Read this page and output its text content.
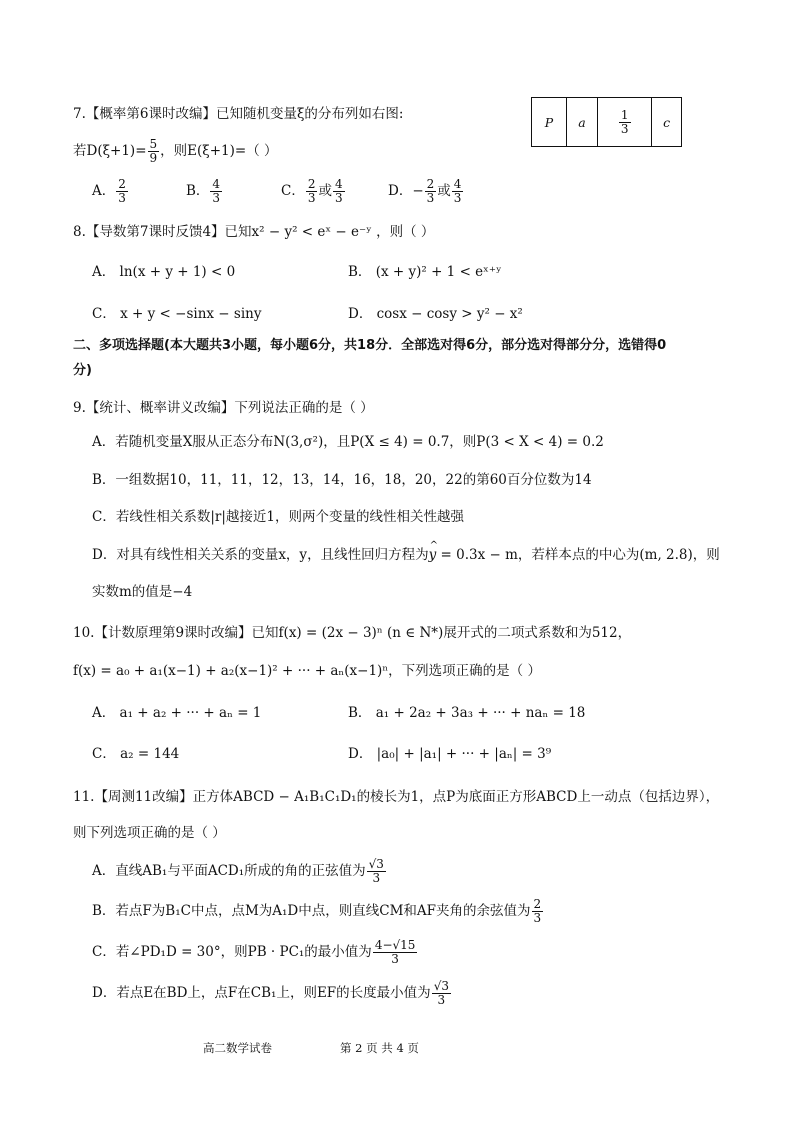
7.【概率第6课时改编】已知随机变量ξ的分布列如右图:	P	a	$\frac{1}{3}$	c
若$D(\xi+1)= \frac{5}{9}$ ，则E(ξ+1)=（ ）
A． $\frac{2}{3}$	B． $\frac{4}{3}$	C． $\frac{2}{3}$ 或 $\frac{4}{3}$	D．− $\frac{2}{3}$ 或 $\frac{4}{3}$
8.【导数第7课时反馈4】已知x² − y² < eˣ − e⁻ʸ ，则（ ）
A． ln(x + y + 1) < 0	B． (x + y)² + 1 < eˣ⁺ʸ
C． x + y < −sinx − siny	D． cosx − cosy > y² − x²
二、多项选择题(本大题共3小题，每小题6分，共18分．全部选对得6分，部分选对得部分分，选错得0
分)
9.【统计、概率讲义改编】下列说法正确的是（ ）
A．若随机变量X服从正态分布N(3,σ²)，且P(X ≤ 4) = 0.7，则P(3 < X < 4) = 0.2
B．一组数据10，11，11，12，13，14，16，18，20，22的第60百分位数为14
C．若线性相关系数|r|越接近1，则两个变量的线性相关性越强
D．对具有线性相关关系的变量x，y，且线性回归方程为^ y = 0.3x − m，若样本点的中心为(m, 2.8)，则
实数m的值是−4
10.【计数原理第9课时改编】已知f(x) = (2x − 3)ⁿ (n ∈ N*)展开式的二项式系数和为512，
f(x) = a₀ + a₁(x−1) + a₂(x−1)² + ··· + aₙ(x−1)ⁿ，下列选项正确的是（ ）
A． a₁ + a₂ + ··· + aₙ = 1	B． a₁ + 2a₂ + 3a₃ + ··· + naₙ = 18
C． a₂ = 144	D． |a₀| + |a₁| + ··· + |aₙ| = 3⁹
11.【周测11改编】正方体ABCD − A₁B₁C₁D₁的棱长为1，点P为底面正方形ABCD上一动点（包括边界），
则下列选项正确的是（ ）
A．直线AB₁与平面ACD₁所成的角的正弦值为 $\frac{√3}{3}$
B．若点F为B₁C中点，点M为A₁D中点，则直线CM和AF夹角的余弦值为 $\frac{2}{3}$
C．若∠PD₁D = 30°，则PB · PC₁的最小值为 $\frac{4-√15}{3}$
D．若点E在BD上，点F在CB₁上，则EF的长度最小值为 $\frac{√3}{3}$
高二数学试卷	第 2 页 共 4 页
